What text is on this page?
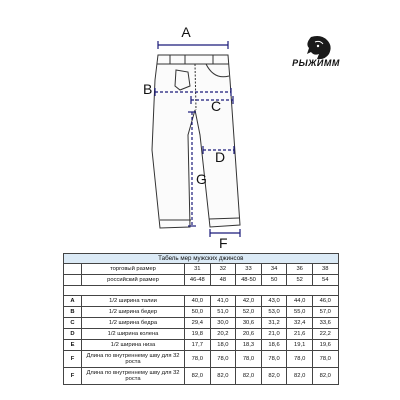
A
B
C
D
G
F
РЫЖИММ
Табель мер мужских джинсов							
	торговый размер	31	32	33	34	36	38
	российский размер	46-48	48	48-50	50	52	54

A	1/2 ширина талии	40,0	41,0	42,0	43,0	44,0	46,0
B	1/2 ширина бедер	50,0	51,0	52,0	53,0	55,0	57,0
C	1/2 ширина бедра	29,4	30,0	30,6	31,2	32,4	33,6
D	1/2 ширина колена	19,8	20,2	20,6	21,0	21,6	22,2
E	1/2 ширина низа	17,7	18,0	18,3	18,6	19,1	19,6
F	Длина по внутреннему шву для 32 роста	78,0	78,0	78,0	78,0	78,0	78,0
F	Длина по внутреннему шву для 32 роста	82,0	82,0	82,0	82,0	82,0	82,0
